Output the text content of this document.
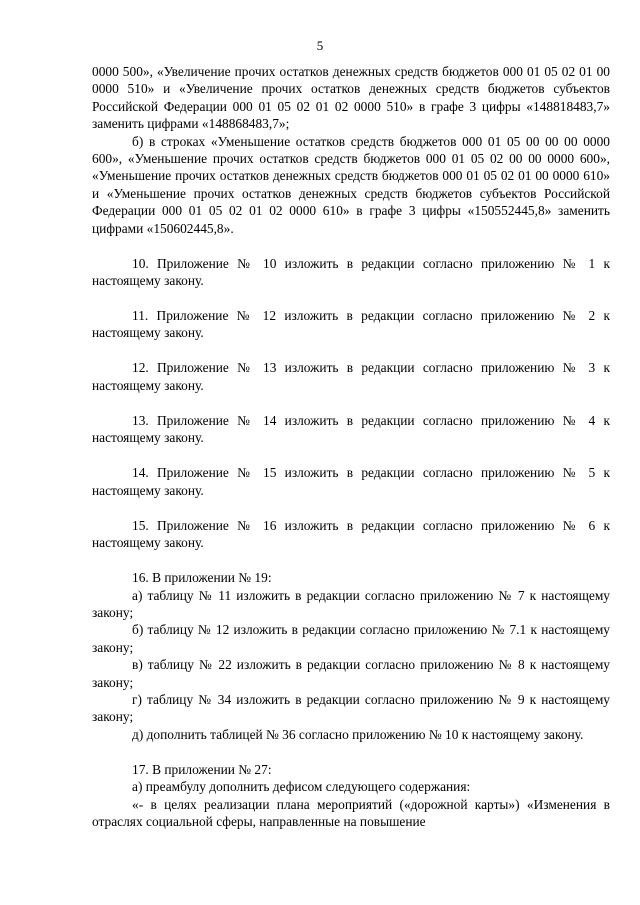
5

0000 500», «Увеличение прочих остатков денежных средств бюджетов 000 01 05 02 01 00 0000 510» и «Увеличение прочих остатков денежных средств бюджетов субъектов Российской Федерации 000 01 05 02 01 02 0000 510» в графе 3 цифры «148818483,7» заменить цифрами «148868483,7»;

б) в строках «Уменьшение остатков средств бюджетов 000 01 05 00 00 00 0000 600», «Уменьшение прочих остатков средств бюджетов 000 01 05 02 00 00 0000 600», «Уменьшение прочих остатков денежных средств бюджетов 000 01 05 02 01 00 0000 610» и «Уменьшение прочих остатков денежных средств бюджетов субъектов Российской Федерации 000 01 05 02 01 02 0000 610» в графе 3 цифры «150552445,8» заменить цифрами «150602445,8».

10. Приложение № 10 изложить в редакции согласно приложению № 1 к настоящему закону.

11. Приложение № 12 изложить в редакции согласно приложению № 2 к настоящему закону.

12. Приложение № 13 изложить в редакции согласно приложению № 3 к настоящему закону.

13. Приложение № 14 изложить в редакции согласно приложению № 4 к настоящему закону.

14. Приложение № 15 изложить в редакции согласно приложению № 5 к настоящему закону.

15. Приложение № 16 изложить в редакции согласно приложению № 6 к настоящему закону.

16. В приложении № 19:

а) таблицу № 11 изложить в редакции согласно приложению № 7 к настоящему закону;

б) таблицу № 12 изложить в редакции согласно приложению № 7.1 к настоящему закону;

в) таблицу № 22 изложить в редакции согласно приложению № 8 к настоящему закону;

г) таблицу № 34 изложить в редакции согласно приложению № 9 к настоящему закону;

д) дополнить таблицей № 36 согласно приложению № 10 к настоящему закону.

17. В приложении № 27:

а) преамбулу дополнить дефисом следующего содержания:

«- в целях реализации плана мероприятий («дорожной карты») «Изменения в отраслях социальной сферы, направленные на повышение
